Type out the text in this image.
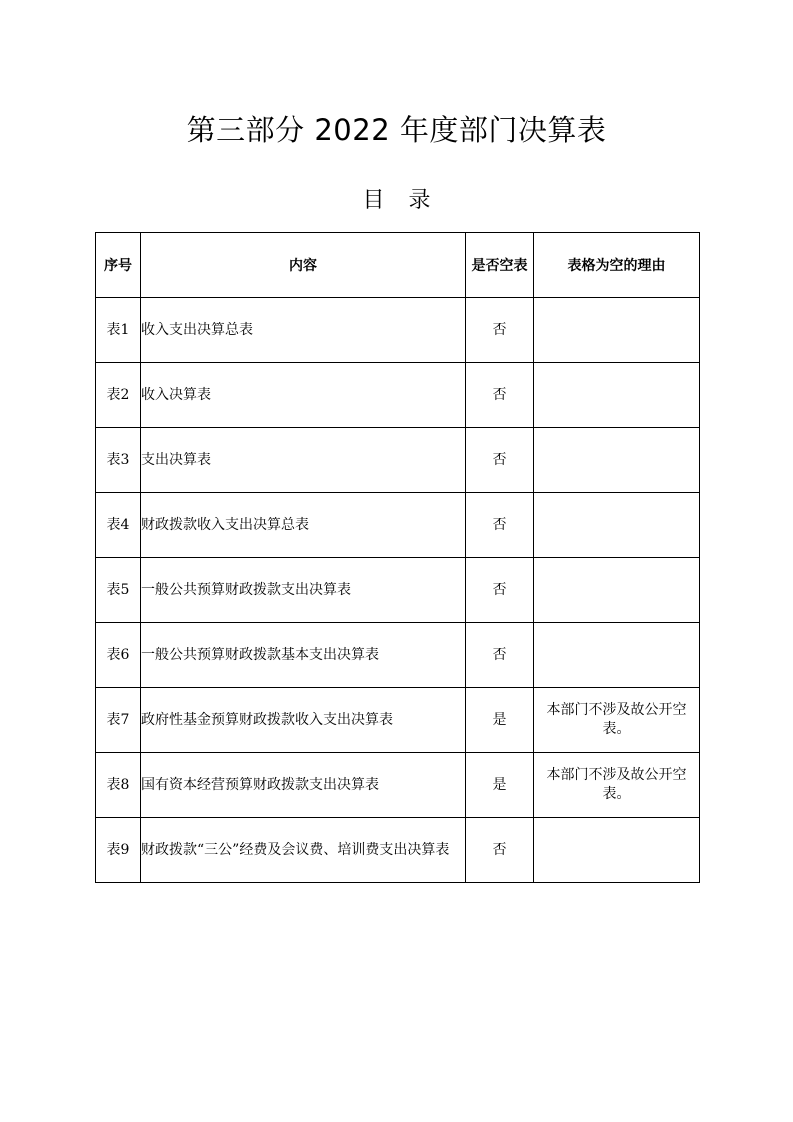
第三部分 2022 年度部门决算表
目录
序号	内容	是否空表	表格为空的理由
表1	收入支出决算总表	否	
表2	收入决算表	否	
表3	支出决算表	否	
表4	财政拨款收入支出决算总表	否	
表5	一般公共预算财政拨款支出决算表	否	
表6	一般公共预算财政拨款基本支出决算表	否	
表7	政府性基金预算财政拨款收入支出决算表	是	本部门不涉及故公开空表。
表8	国有资本经营预算财政拨款支出决算表	是	本部门不涉及故公开空表。
表9	财政拨款“三公”经费及会议费、培训费支出决算表	否	
